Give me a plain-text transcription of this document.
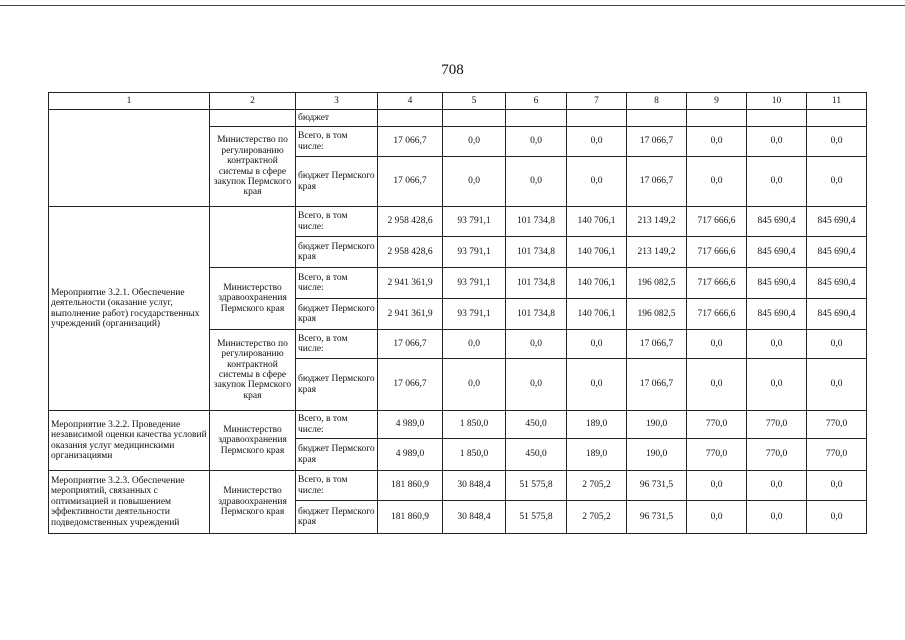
708
1	2	3	4	5	6	7	8	9	10	11
		бюджет								
	Министерство по регулированию контрактной системы в сфере закупок Пермского края	Всего, в том числе:	17 066,7	0,0	0,0	0,0	17 066,7	0,0	0,0	0,0
		бюджет Пермского края	17 066,7	0,0	0,0	0,0	17 066,7	0,0	0,0	0,0
Мероприятие 3.2.1. Обеспечение деятельности (оказание услуг, выполнение работ) государственных учреждений (организаций)		Всего, в том числе:	2 958 428,6	93 791,1	101 734,8	140 706,1	213 149,2	717 666,6	845 690,4	845 690,4
		бюджет Пермского края	2 958 428,6	93 791,1	101 734,8	140 706,1	213 149,2	717 666,6	845 690,4	845 690,4
	Министерство здравоохранения Пермского края	Всего, в том числе:	2 941 361,9	93 791,1	101 734,8	140 706,1	196 082,5	717 666,6	845 690,4	845 690,4
		бюджет Пермского края	2 941 361,9	93 791,1	101 734,8	140 706,1	196 082,5	717 666,6	845 690,4	845 690,4
	Министерство по регулированию контрактной системы в сфере закупок Пермского края	Всего, в том числе:	17 066,7	0,0	0,0	0,0	17 066,7	0,0	0,0	0,0
		бюджет Пермского края	17 066,7	0,0	0,0	0,0	17 066,7	0,0	0,0	0,0
Мероприятие 3.2.2. Проведение независимой оценки качества условий оказания услуг медицинскими организациями	Министерство здравоохранения Пермского края	Всего, в том числе:	4 989,0	1 850,0	450,0	189,0	190,0	770,0	770,0	770,0
		бюджет Пермского края	4 989,0	1 850,0	450,0	189,0	190,0	770,0	770,0	770,0
Мероприятие 3.2.3. Обеспечение мероприятий, связанных с оптимизацией и повышением эффективности деятельности подведомственных учреждений	Министерство здравоохранения Пермского края	Всего, в том числе:	181 860,9	30 848,4	51 575,8	2 705,2	96 731,5	0,0	0,0	0,0
		бюджет Пермского края	181 860,9	30 848,4	51 575,8	2 705,2	96 731,5	0,0	0,0	0,0
